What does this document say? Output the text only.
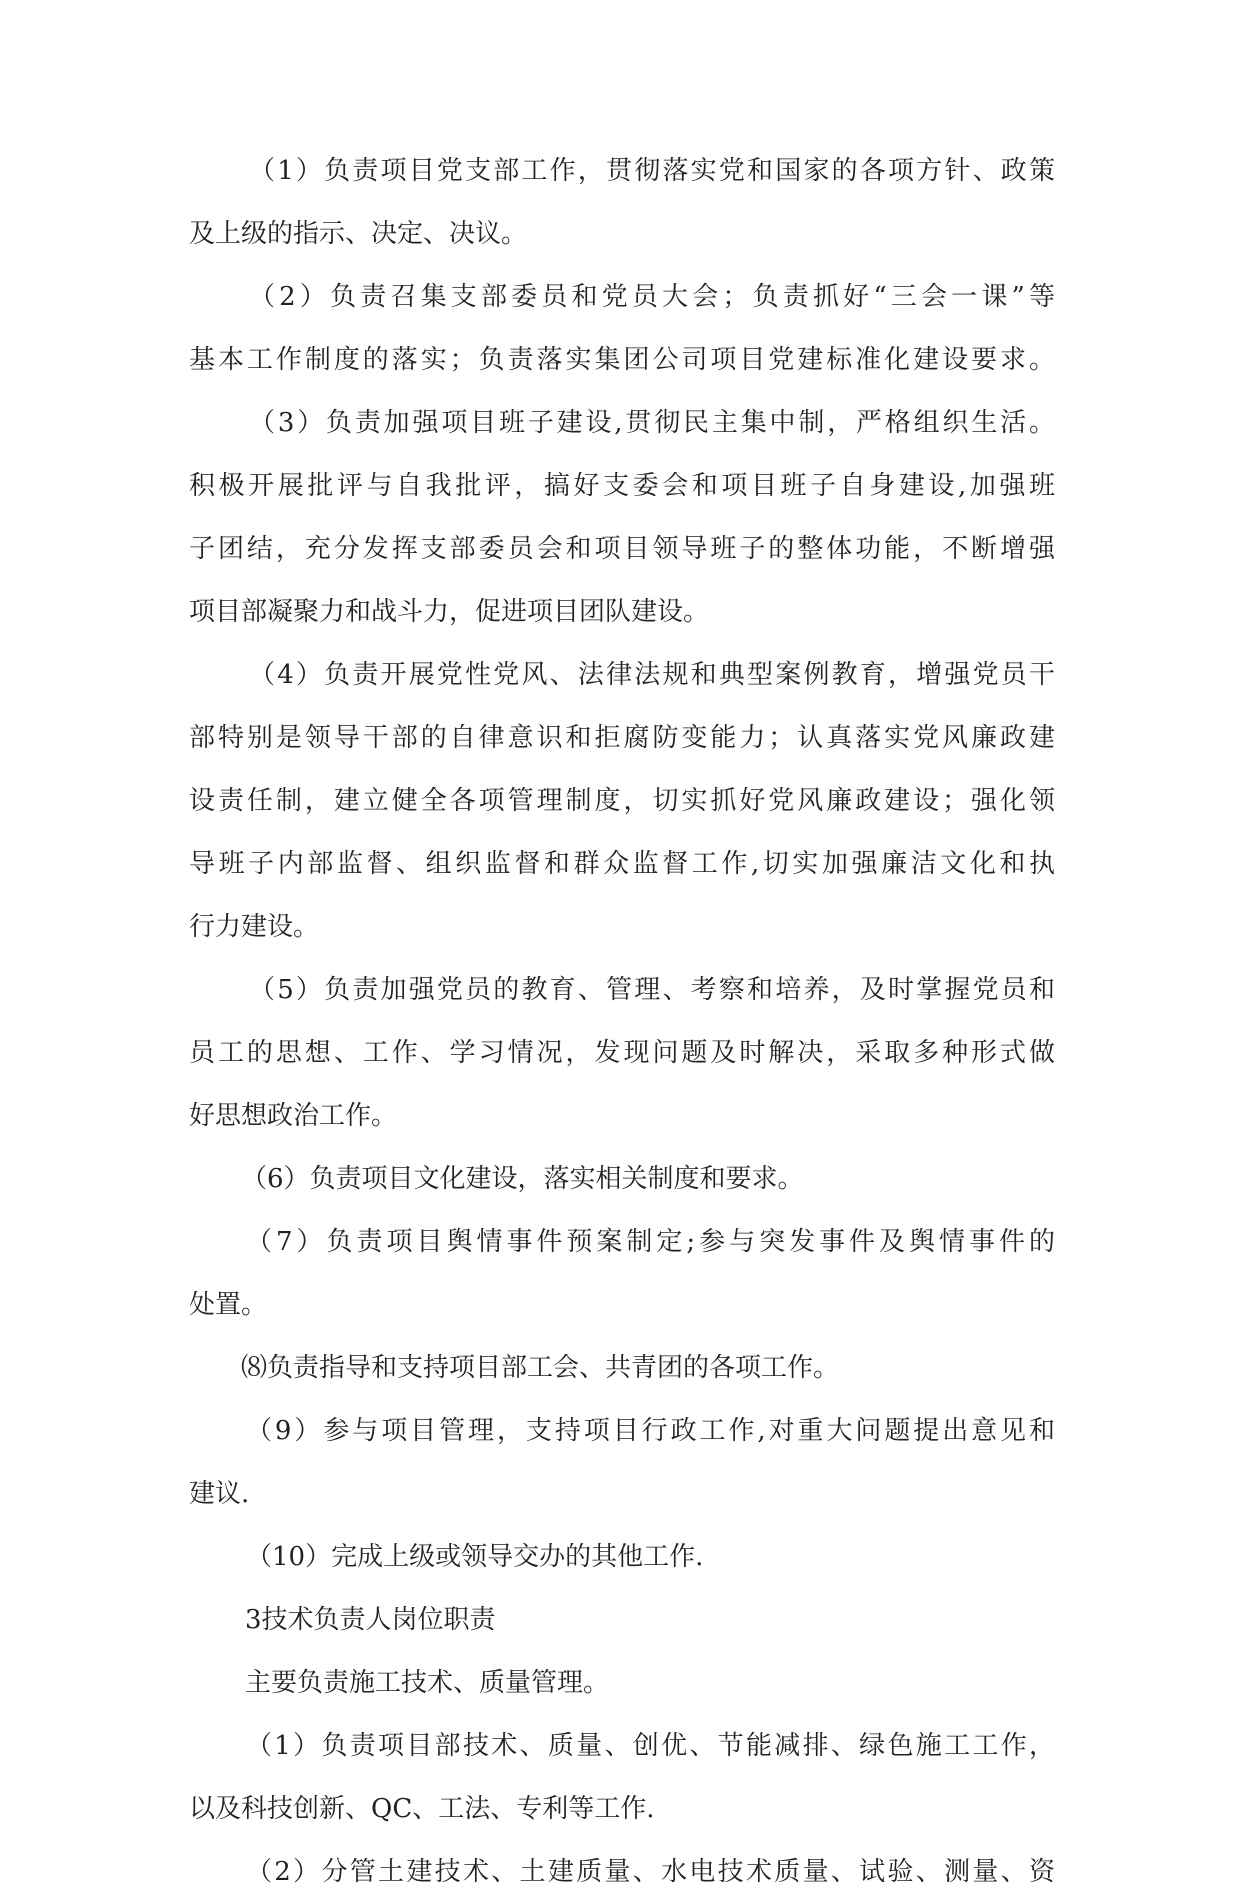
（1）负责项目党支部工作，贯彻落实党和国家的各项方针、政策

及上级的指示、决定、决议。

（2）负责召集支部委员和党员大会；负责抓好“三会一课”等

基本工作制度的落实；负责落实集团公司项目党建标准化建设要求。

（3）负责加强项目班子建设,贯彻民主集中制，严格组织生活。

积极开展批评与自我批评，搞好支委会和项目班子自身建设,加强班

子团结，充分发挥支部委员会和项目领导班子的整体功能，不断增强

项目部凝聚力和战斗力，促进项目团队建设。

（4）负责开展党性党风、法律法规和典型案例教育，增强党员干

部特别是领导干部的自律意识和拒腐防变能力；认真落实党风廉政建

设责任制，建立健全各项管理制度，切实抓好党风廉政建设；强化领

导班子内部监督、组织监督和群众监督工作,切实加强廉洁文化和执

行力建设。

（5）负责加强党员的教育、管理、考察和培养，及时掌握党员和

员工的思想、工作、学习情况，发现问题及时解决，采取多种形式做

好思想政治工作。

（6）负责项目文化建设，落实相关制度和要求。

（7）负责项目舆情事件预案制定;参与突发事件及舆情事件的

处置。

⑻负责指导和支持项目部工会、共青团的各项工作。

（9）参与项目管理，支持项目行政工作,对重大问题提出意见和

建议.

（10）完成上级或领导交办的其他工作.

3技术负责人岗位职责

主要负责施工技术、质量管理。

（1）负责项目部技术、质量、创优、节能减排、绿色施工工作，

以及科技创新、QC、工法、专利等工作.

（2）分管土建技术、土建质量、水电技术质量、试验、测量、资
